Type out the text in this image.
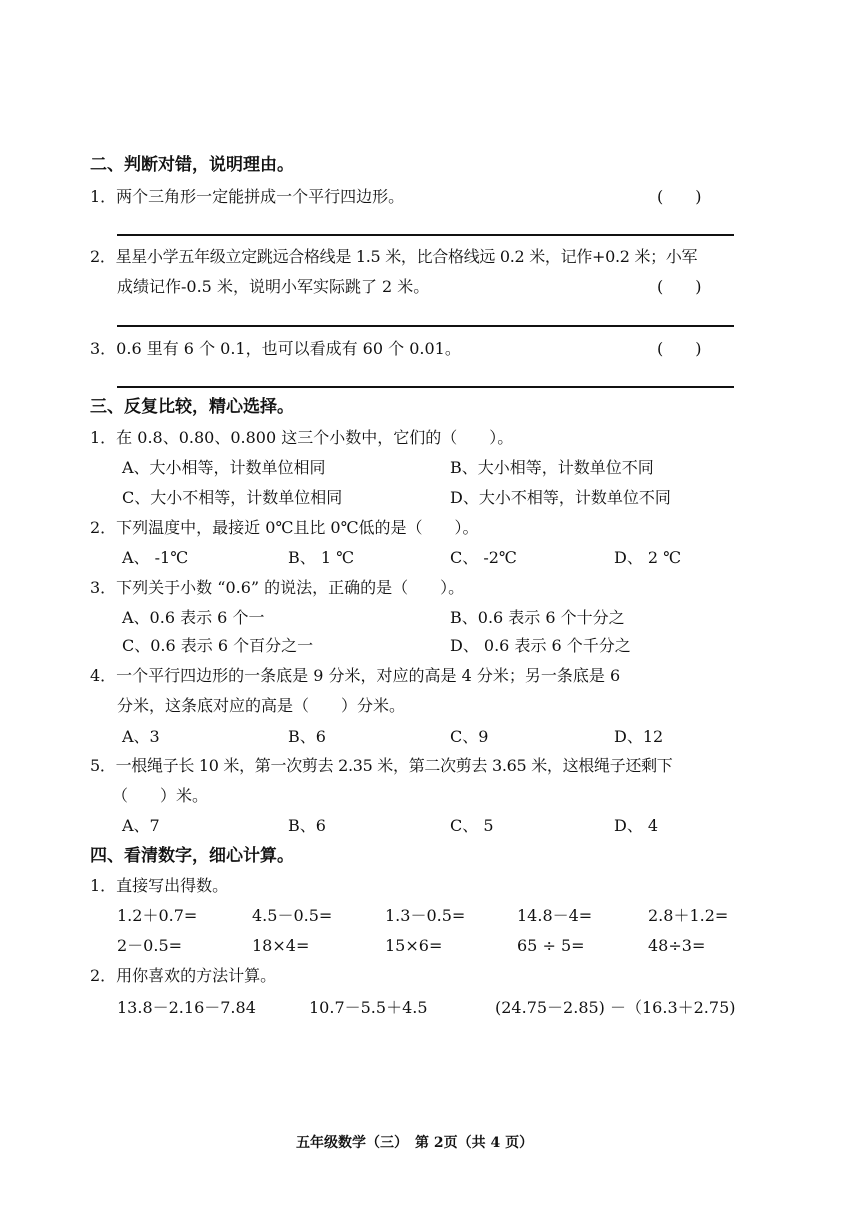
二、判断对错，说明理由。
1．两个三角形一定能拼成一个平行四边形。	(　　)
2．星星小学五年级立定跳远合格线是 1.5 米，比合格线远 0.2 米，记作+0.2 米；小军
成绩记作-0.5 米，说明小军实际跳了 2 米。	(　　)
3．0.6 里有 6 个 0.1，也可以看成有 60 个 0.01。	(　　)
三、反复比较，精心选择。
1．在 0.8、0.80、0.800 这三个小数中，它们的（　　）。
A、大小相等，计数单位相同	B、大小相等，计数单位不同
C、大小不相等，计数单位相同	D、大小不相等，计数单位不同
2．下列温度中，最接近 0℃且比 0℃低的是（　　）。
A、 -1℃	B、 1 ℃	C、 -2℃	D、 2 ℃
3．下列关于小数 “0.6” 的说法，正确的是（　　）。
A、0.6 表示 6 个一	B、0.6 表示 6 个十分之
C、0.6 表示 6 个百分之一	D、 0.6 表示 6 个千分之
4．一个平行四边形的一条底是 9 分米，对应的高是 4 分米；另一条底是 6
分米，这条底对应的高是（　　）分米。
A、3	B、6	C、9	D、12
5．一根绳子长 10 米，第一次剪去 2.35 米，第二次剪去 3.65 米，这根绳子还剩下
（　　）米。
A、7	B、6	C、 5	D、 4
四、看清数字，细心计算。
1．直接写出得数。
1.2＋0.7=	4.5－0.5=	1.3－0.5=	14.8－4=	2.8＋1.2=
2－0.5=	18×4=	15×6=	65 ÷ 5=	48÷3=
2．用你喜欢的方法计算。
13.8－2.16－7.84	10.7－5.5＋4.5	(24.75－2.85) －（16.3＋2.75)
五年级数学（三）　第 2页（共 4 页）
